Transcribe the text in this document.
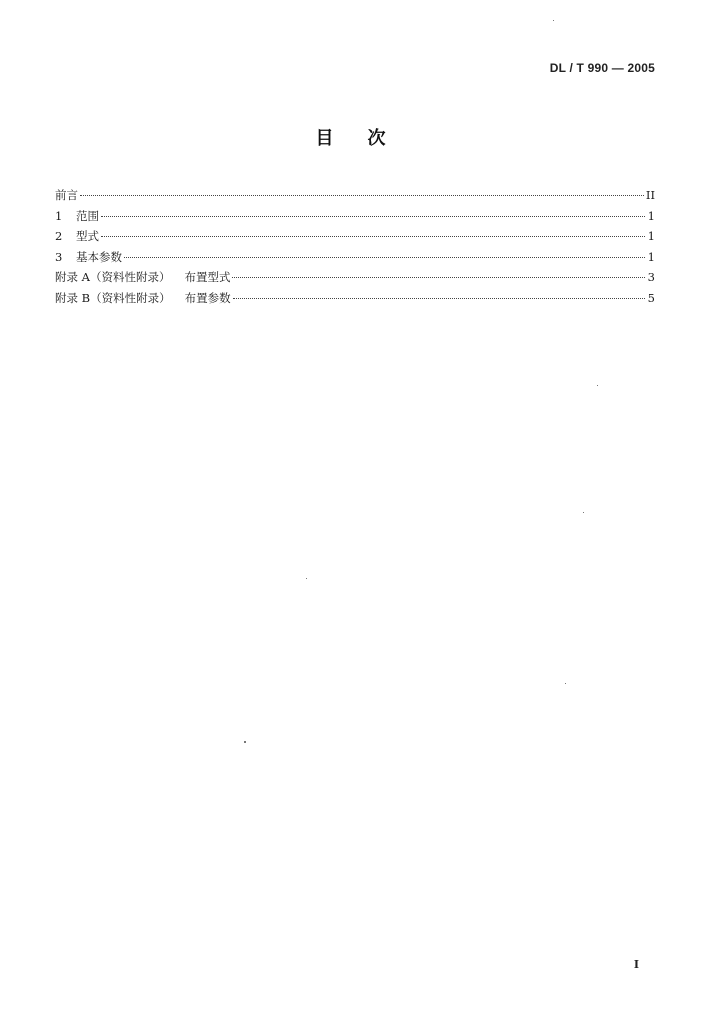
DL / T 990 — 2005
目次
前言	II
1 范围	1
2 型式	1
3 基本参数	1
附录 A（资料性附录） 布置型式	3
附录 B（资料性附录） 布置参数	5
I
